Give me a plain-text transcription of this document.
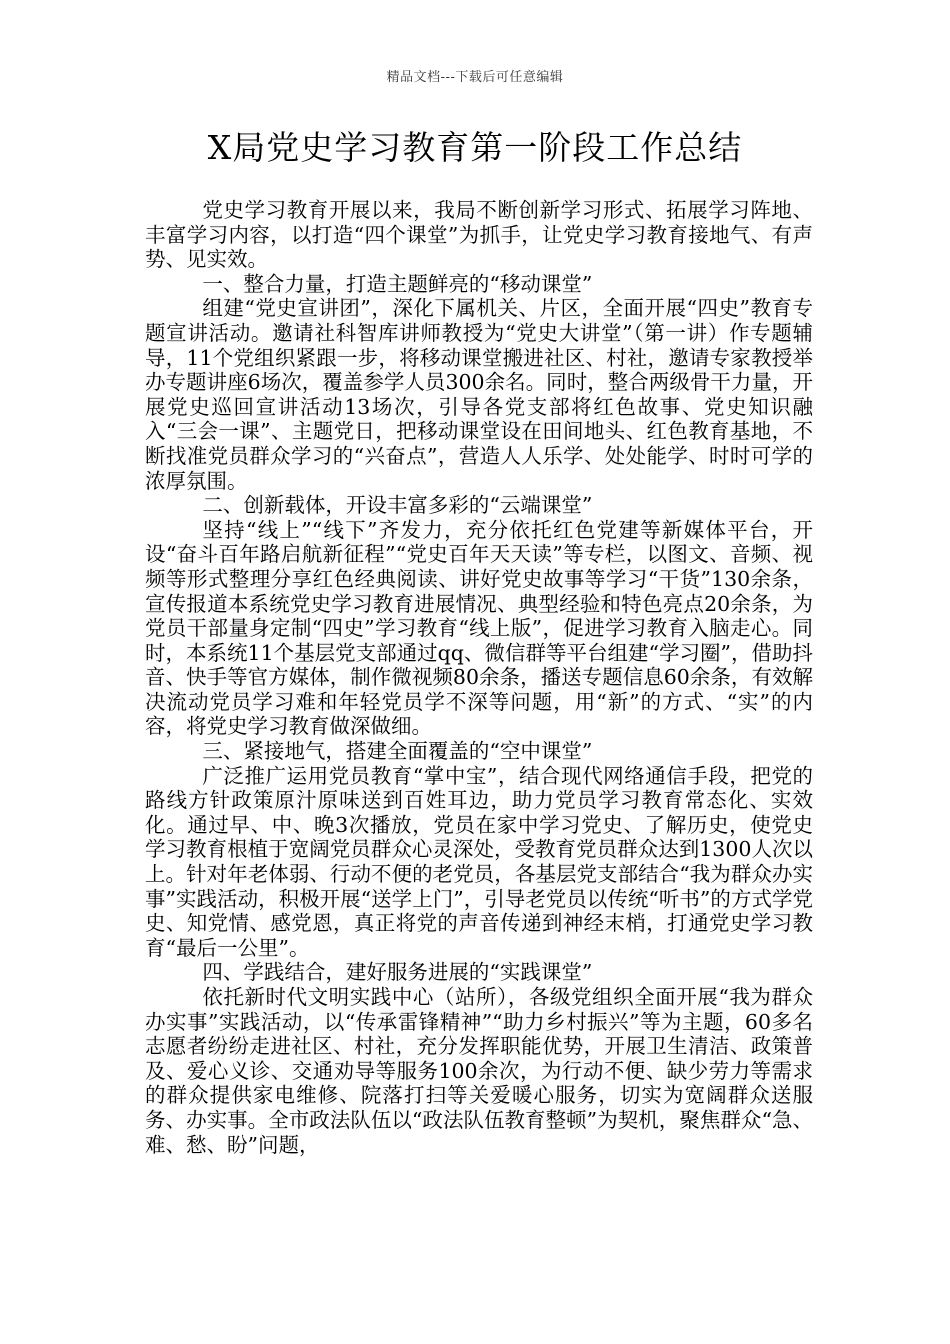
精品文档---下载后可任意编辑
X局党史学习教育第一阶段工作总结

党史学习教育开展以来，我局不断创新学习形式、拓展学习阵地、丰富学习内容，以打造“四个课堂”为抓手，让党史学习教育接地气、有声势、见实效。

一、整合力量，打造主题鲜亮的“移动课堂”

组建“党史宣讲团”，深化下属机关、片区，全面开展“四史”教育专题宣讲活动。邀请社科智库讲师教授为“党史大讲堂”（第一讲）作专题辅导，11个党组织紧跟一步，将移动课堂搬进社区、村社，邀请专家教授举办专题讲座6场次，覆盖参学人员300余名。同时，整合两级骨干力量，开展党史巡回宣讲活动13场次，引导各党支部将红色故事、党史知识融入“三会一课”、主题党日，把移动课堂设在田间地头、红色教育基地，不断找准党员群众学习的“兴奋点”，营造人人乐学、处处能学、时时可学的浓厚氛围。

二、创新载体，开设丰富多彩的“云端课堂”

坚持“线上”“线下”齐发力，充分依托红色党建等新媒体平台，开设“奋斗百年路启航新征程”“党史百年天天读”等专栏，以图文、音频、视频等形式整理分享红色经典阅读、讲好党史故事等学习“干货”130余条，宣传报道本系统党史学习教育进展情况、典型经验和特色亮点20余条，为党员干部量身定制“四史”学习教育“线上版”，促进学习教育入脑走心。同时，本系统11个基层党支部通过qq、微信群等平台组建“学习圈”，借助抖音、快手等官方媒体，制作微视频80余条，播送专题信息60余条，有效解决流动党员学习难和年轻党员学不深等问题，用“新”的方式、“实”的内容，将党史学习教育做深做细。

三、紧接地气，搭建全面覆盖的“空中课堂”

广泛推广运用党员教育“掌中宝”，结合现代网络通信手段，把党的路线方针政策原汁原味送到百姓耳边，助力党员学习教育常态化、实效化。通过早、中、晚3次播放，党员在家中学习党史、了解历史，使党史学习教育根植于宽阔党员群众心灵深处，受教育党员群众达到1300人次以上。针对年老体弱、行动不便的老党员，各基层党支部结合“我为群众办实事”实践活动，积极开展“送学上门”，引导老党员以传统“听书”的方式学党史、知党情、感党恩，真正将党的声音传递到神经末梢，打通党史学习教育“最后一公里”。

四、学践结合，建好服务进展的“实践课堂”

依托新时代文明实践中心（站所），各级党组织全面开展“我为群众办实事”实践活动，以“传承雷锋精神”“助力乡村振兴”等为主题，60多名志愿者纷纷走进社区、村社，充分发挥职能优势，开展卫生清洁、政策普及、爱心义诊、交通劝导等服务100余次，为行动不便、缺少劳力等需求的群众提供家电维修、院落打扫等关爱暖心服务，切实为宽阔群众送服务、办实事。全市政法队伍以“政法队伍教育整顿”为契机，聚焦群众“急、难、愁、盼”问题，
